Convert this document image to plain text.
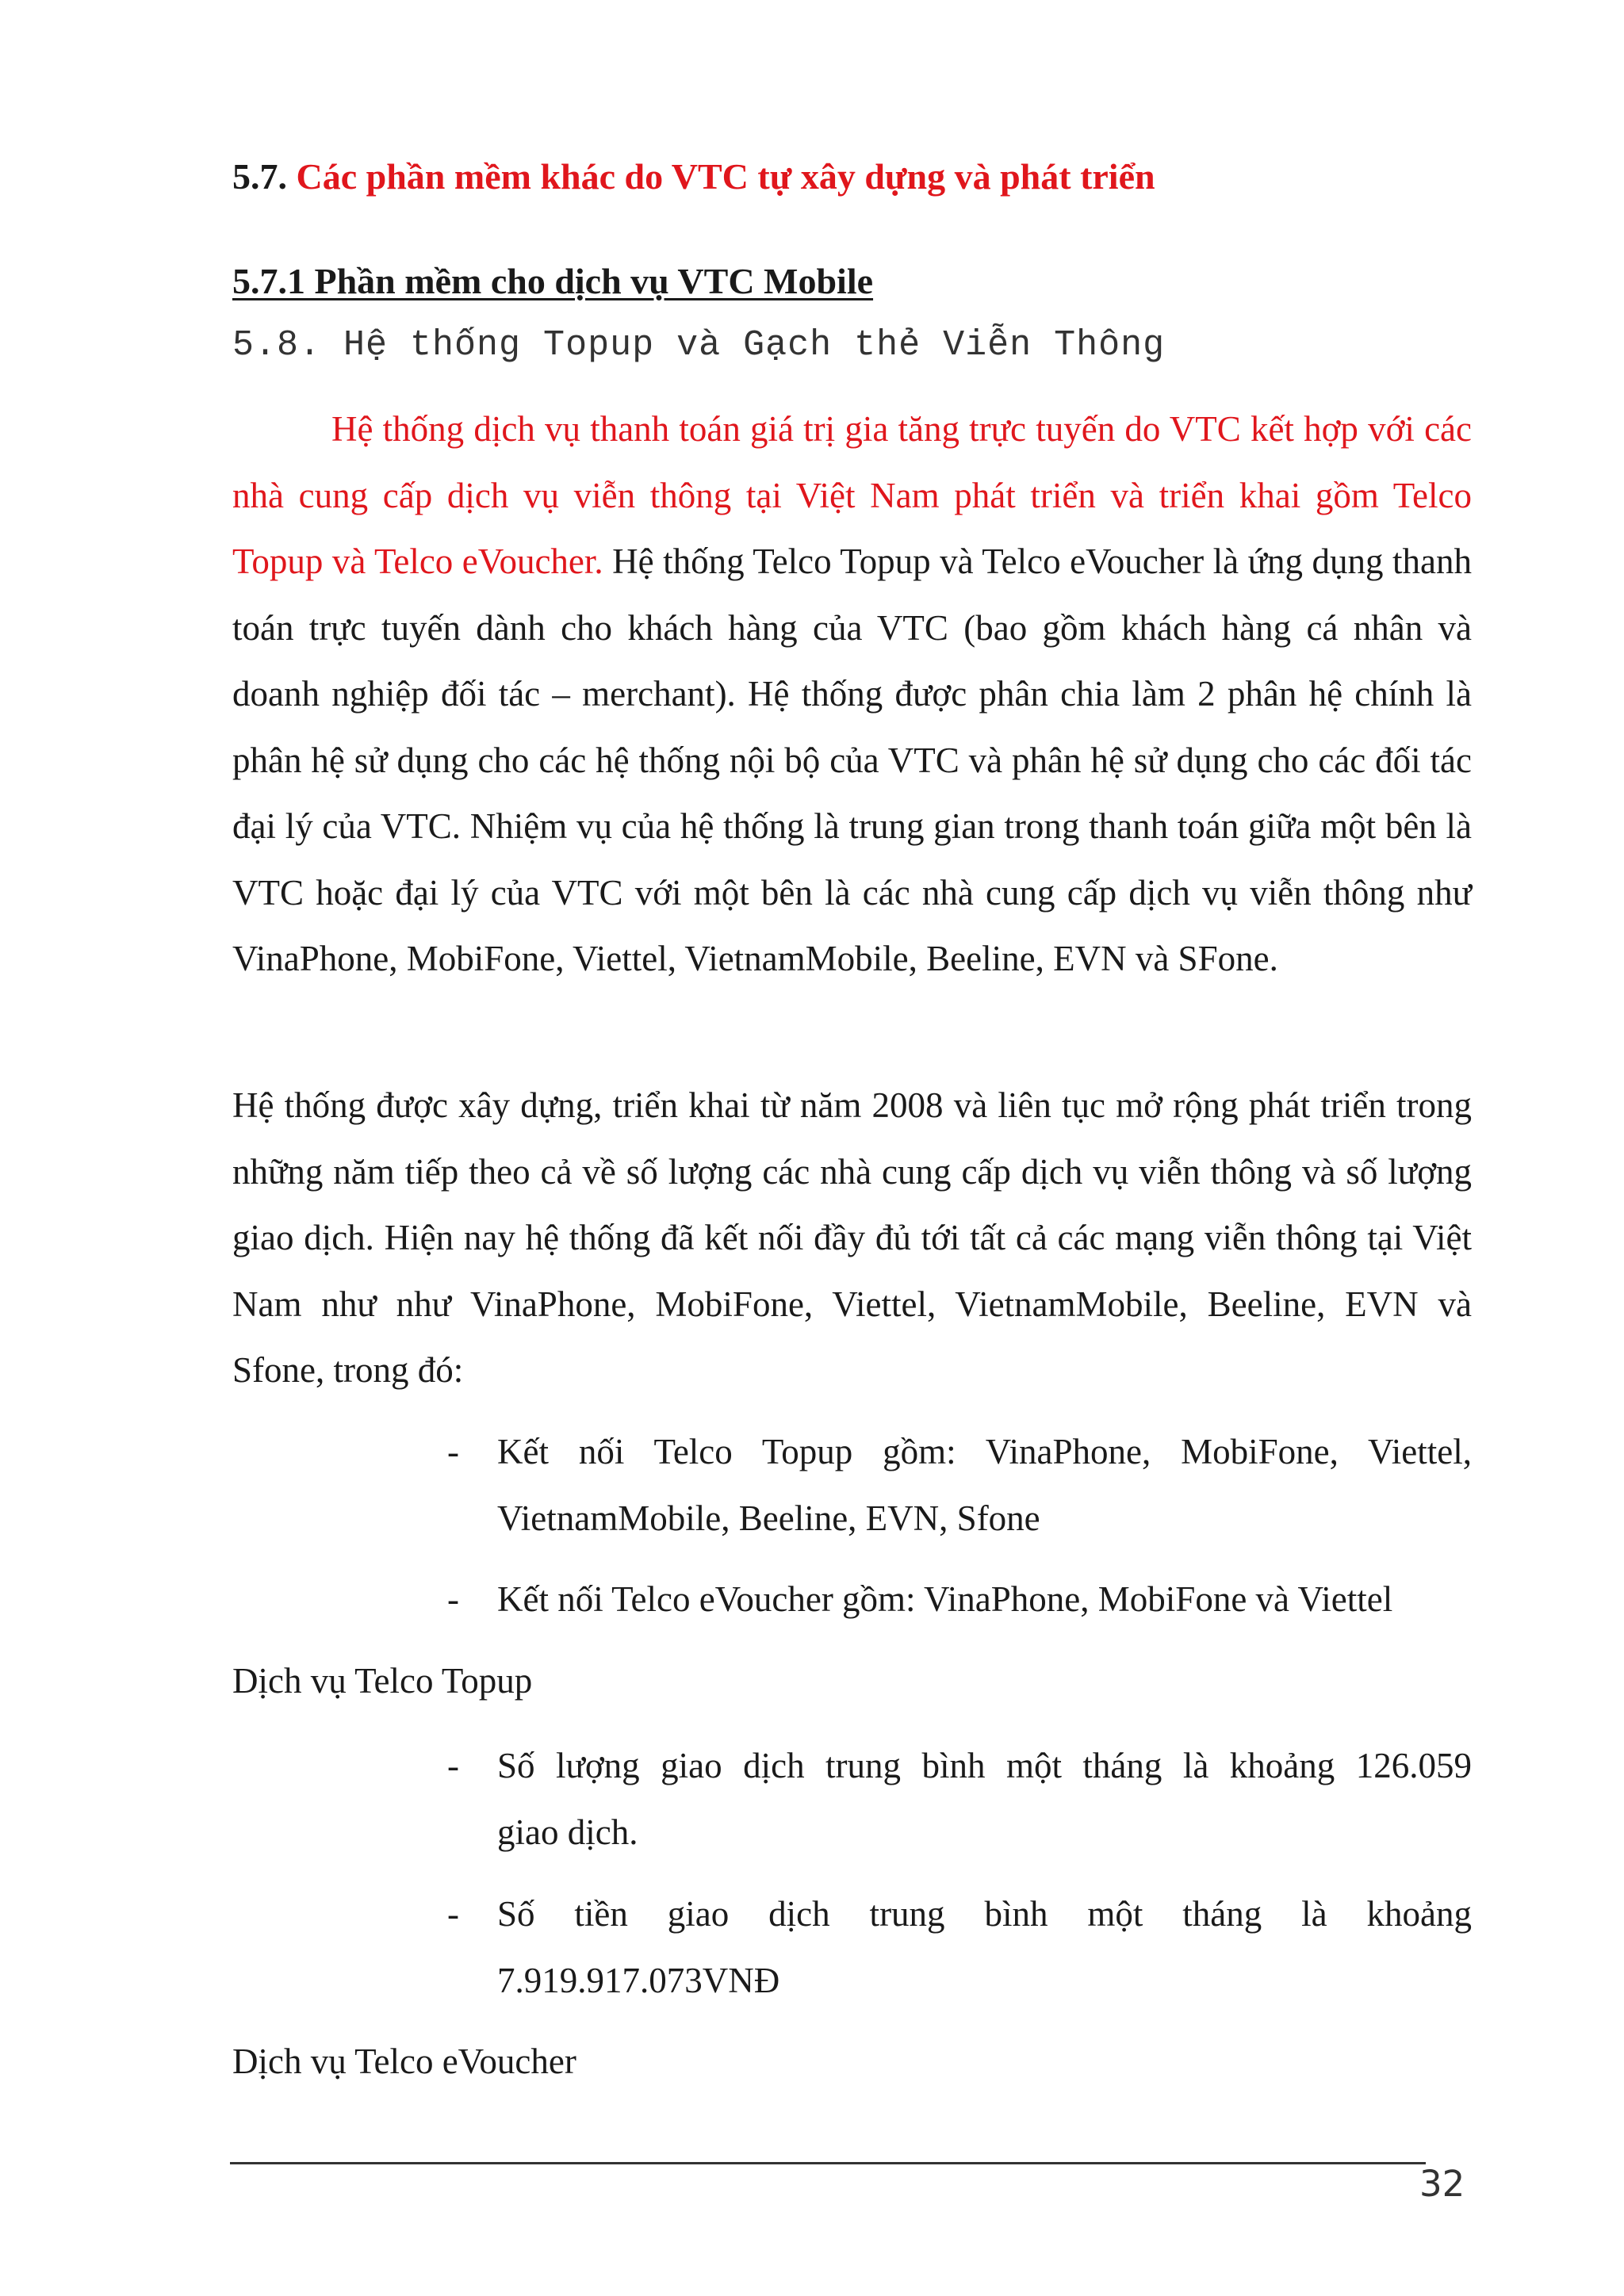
5.7. Các phần mềm khác do VTC tự xây dựng và phát triển
5.7.1 Phần mềm cho dịch vụ VTC Mobile
5.8. Hệ thống Topup và Gạch thẻ Viễn Thông

Hệ thống dịch vụ thanh toán giá trị gia tăng trực tuyến do VTC kết hợp với các nhà cung cấp dịch vụ viễn thông tại Việt Nam phát triển và triển khai gồm Telco Topup và Telco eVoucher. Hệ thống Telco Topup và Telco eVoucher là ứng dụng thanh toán trực tuyến dành cho khách hàng của VTC (bao gồm khách hàng cá nhân và doanh nghiệp đối tác – merchant). Hệ thống được phân chia làm 2 phân hệ chính là phân hệ sử dụng cho các hệ thống nội bộ của VTC và phân hệ sử dụng cho các đối tác đại lý của VTC. Nhiệm vụ của hệ thống là trung gian trong thanh toán giữa một bên là VTC hoặc đại lý của VTC với một bên là các nhà cung cấp dịch vụ viễn thông như VinaPhone, MobiFone, Viettel, VietnamMobile, Beeline, EVN và SFone.

Hệ thống được xây dựng, triển khai từ năm 2008 và liên tục mở rộng phát triển trong những năm tiếp theo cả về số lượng các nhà cung cấp dịch vụ viễn thông và số lượng giao dịch. Hiện nay hệ thống đã kết nối đầy đủ tới tất cả các mạng viễn thông tại Việt Nam như như VinaPhone, MobiFone, Viettel, VietnamMobile, Beeline, EVN và Sfone, trong đó:

- Kết nối Telco Topup gồm: VinaPhone, MobiFone, Viettel,
VietnamMobile, Beeline, EVN, Sfone
- Kết nối Telco eVoucher gồm: VinaPhone, MobiFone và Viettel
Dịch vụ Telco Topup
- Số lượng giao dịch trung bình một tháng là khoảng 126.059
giao dịch.
- Số tiền giao dịch trung bình một tháng là khoảng
7.919.917.073VNĐ
Dịch vụ Telco eVoucher
32
